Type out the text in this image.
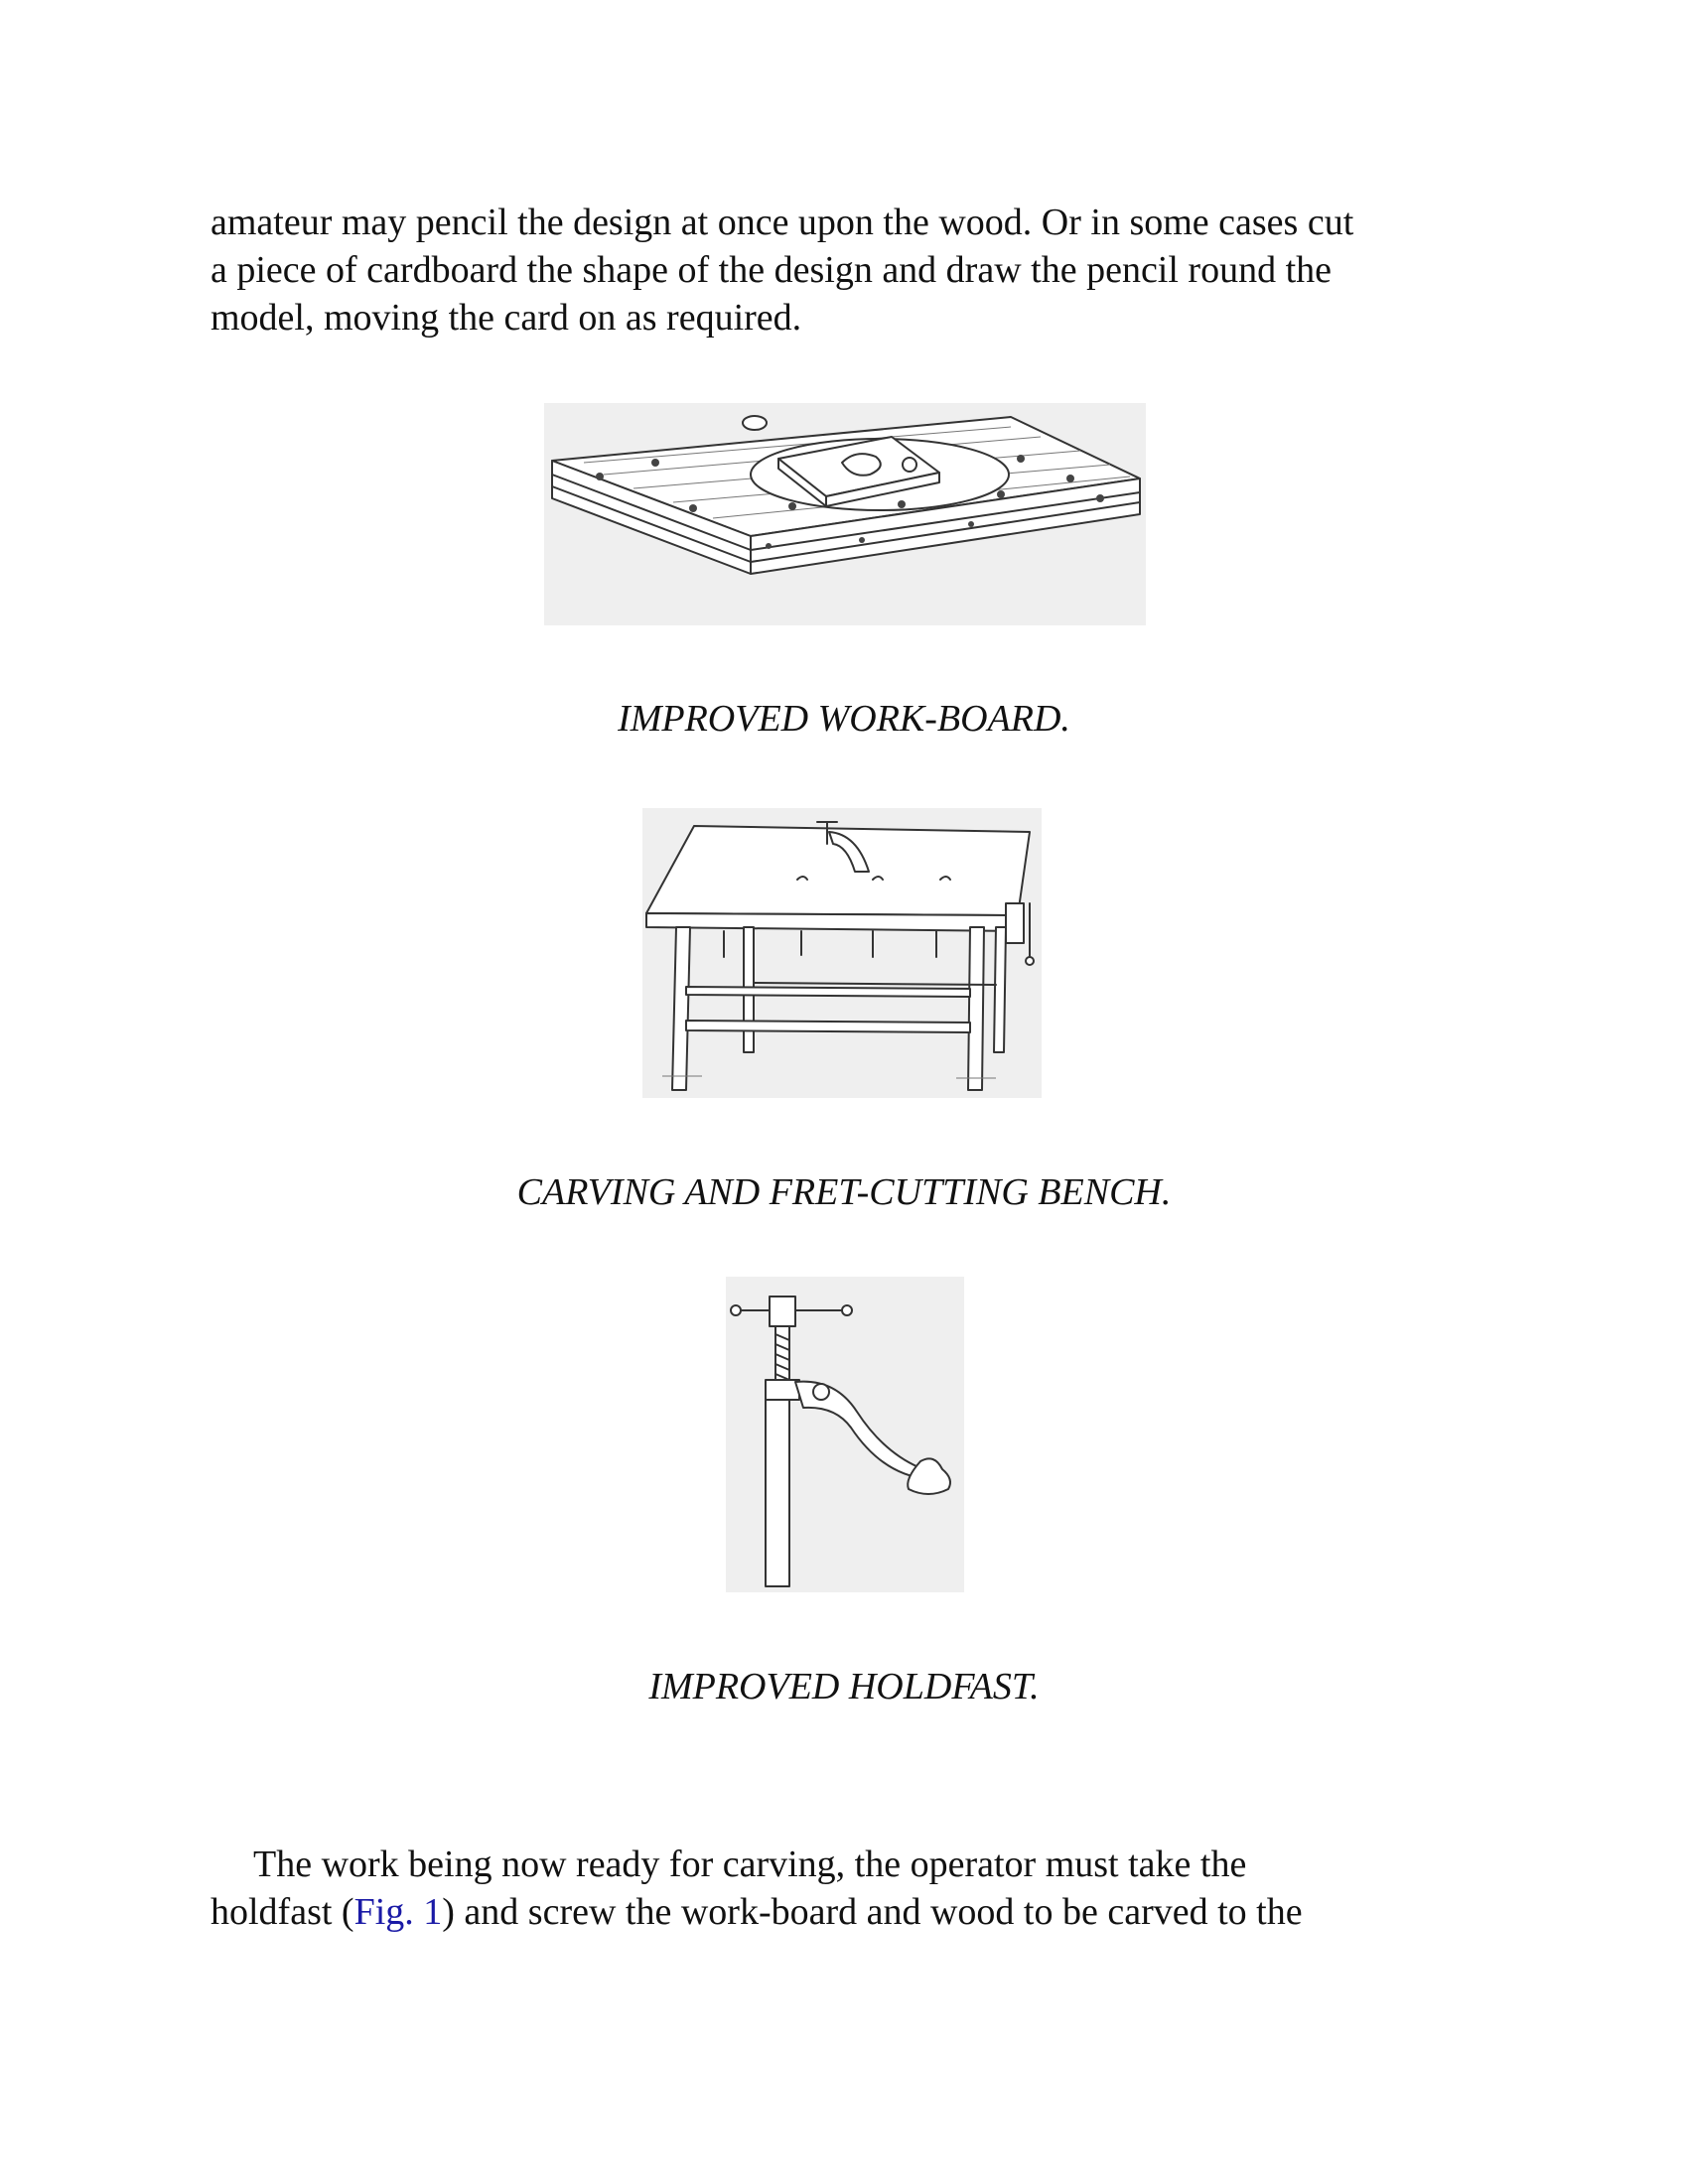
amateur may pencil the design at once upon the wood. Or in some cases cut
a piece of cardboard the shape of the design and draw the pencil round the
model, moving the card on as required.

IMPROVED WORK-BOARD.

CARVING AND FRET-CUTTING BENCH.

IMPROVED HOLDFAST.

The work being now ready for carving, the operator must take the
holdfast (Fig. 1) and screw the work-board and wood to be carved to the
